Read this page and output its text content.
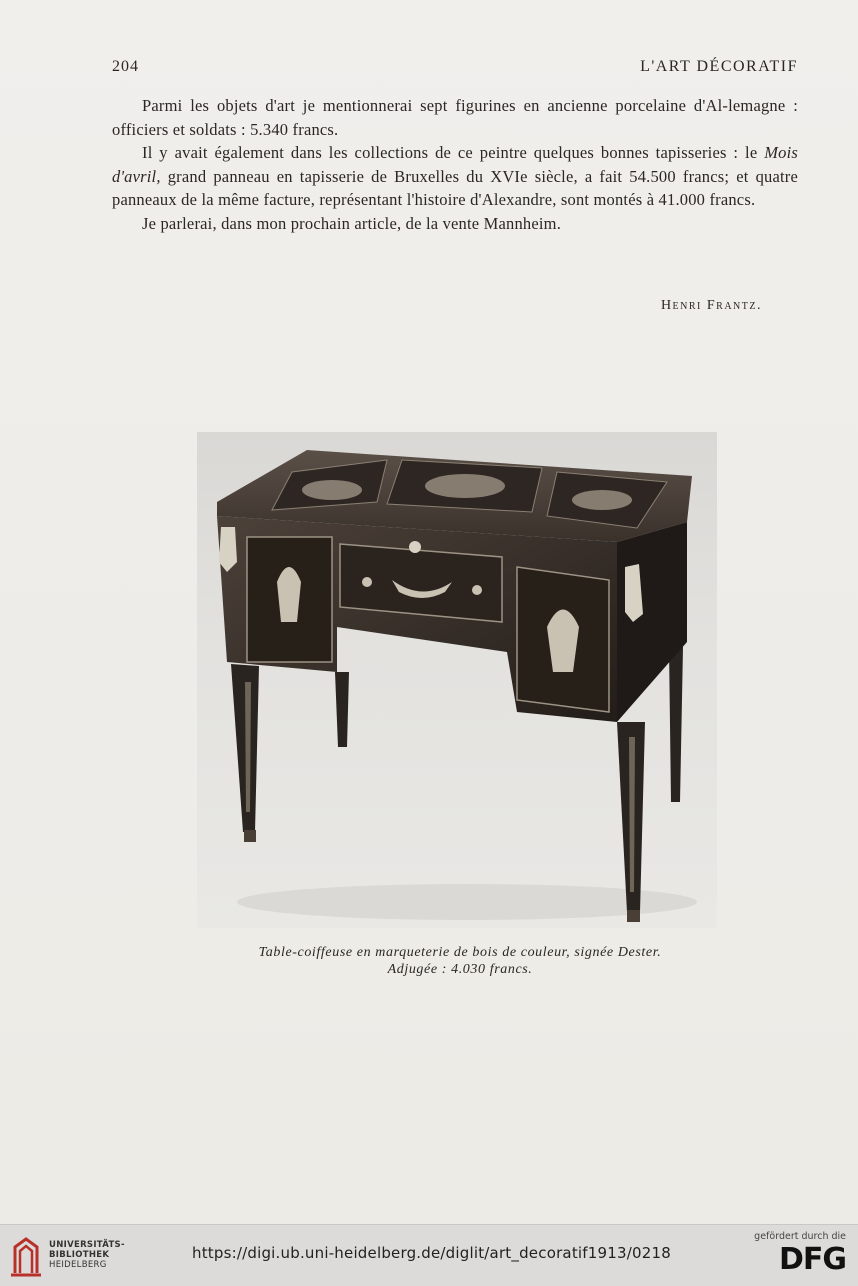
204	L'ART DÉCORATIF

Parmi les objets d'art je mentionnerai sept figurines en ancienne porcelaine d'Al-lemagne : officiers et soldats : 5.340 francs.

Il y avait également dans les collections de ce peintre quelques bonnes tapisseries : le Mois d'avril, grand panneau en tapisserie de Bruxelles du XVIe siècle, a fait 54.500 francs; et quatre panneaux de la même facture, représentant l'histoire d'Alexandre, sont montés à 41.000 francs.

Je parlerai, dans mon prochain article, de la vente Mannheim.

Henri Frantz.
Table-coiffeuse en marqueterie de bois de couleur, signée Dester.
Adjugée : 4.030 francs.
UNIVERSITÄTS-
BIBLIOTHEK
HEIDELBERG
https://digi.ub.uni-heidelberg.de/diglit/art_decoratif1913/0218
gefördert durch die
DFG
